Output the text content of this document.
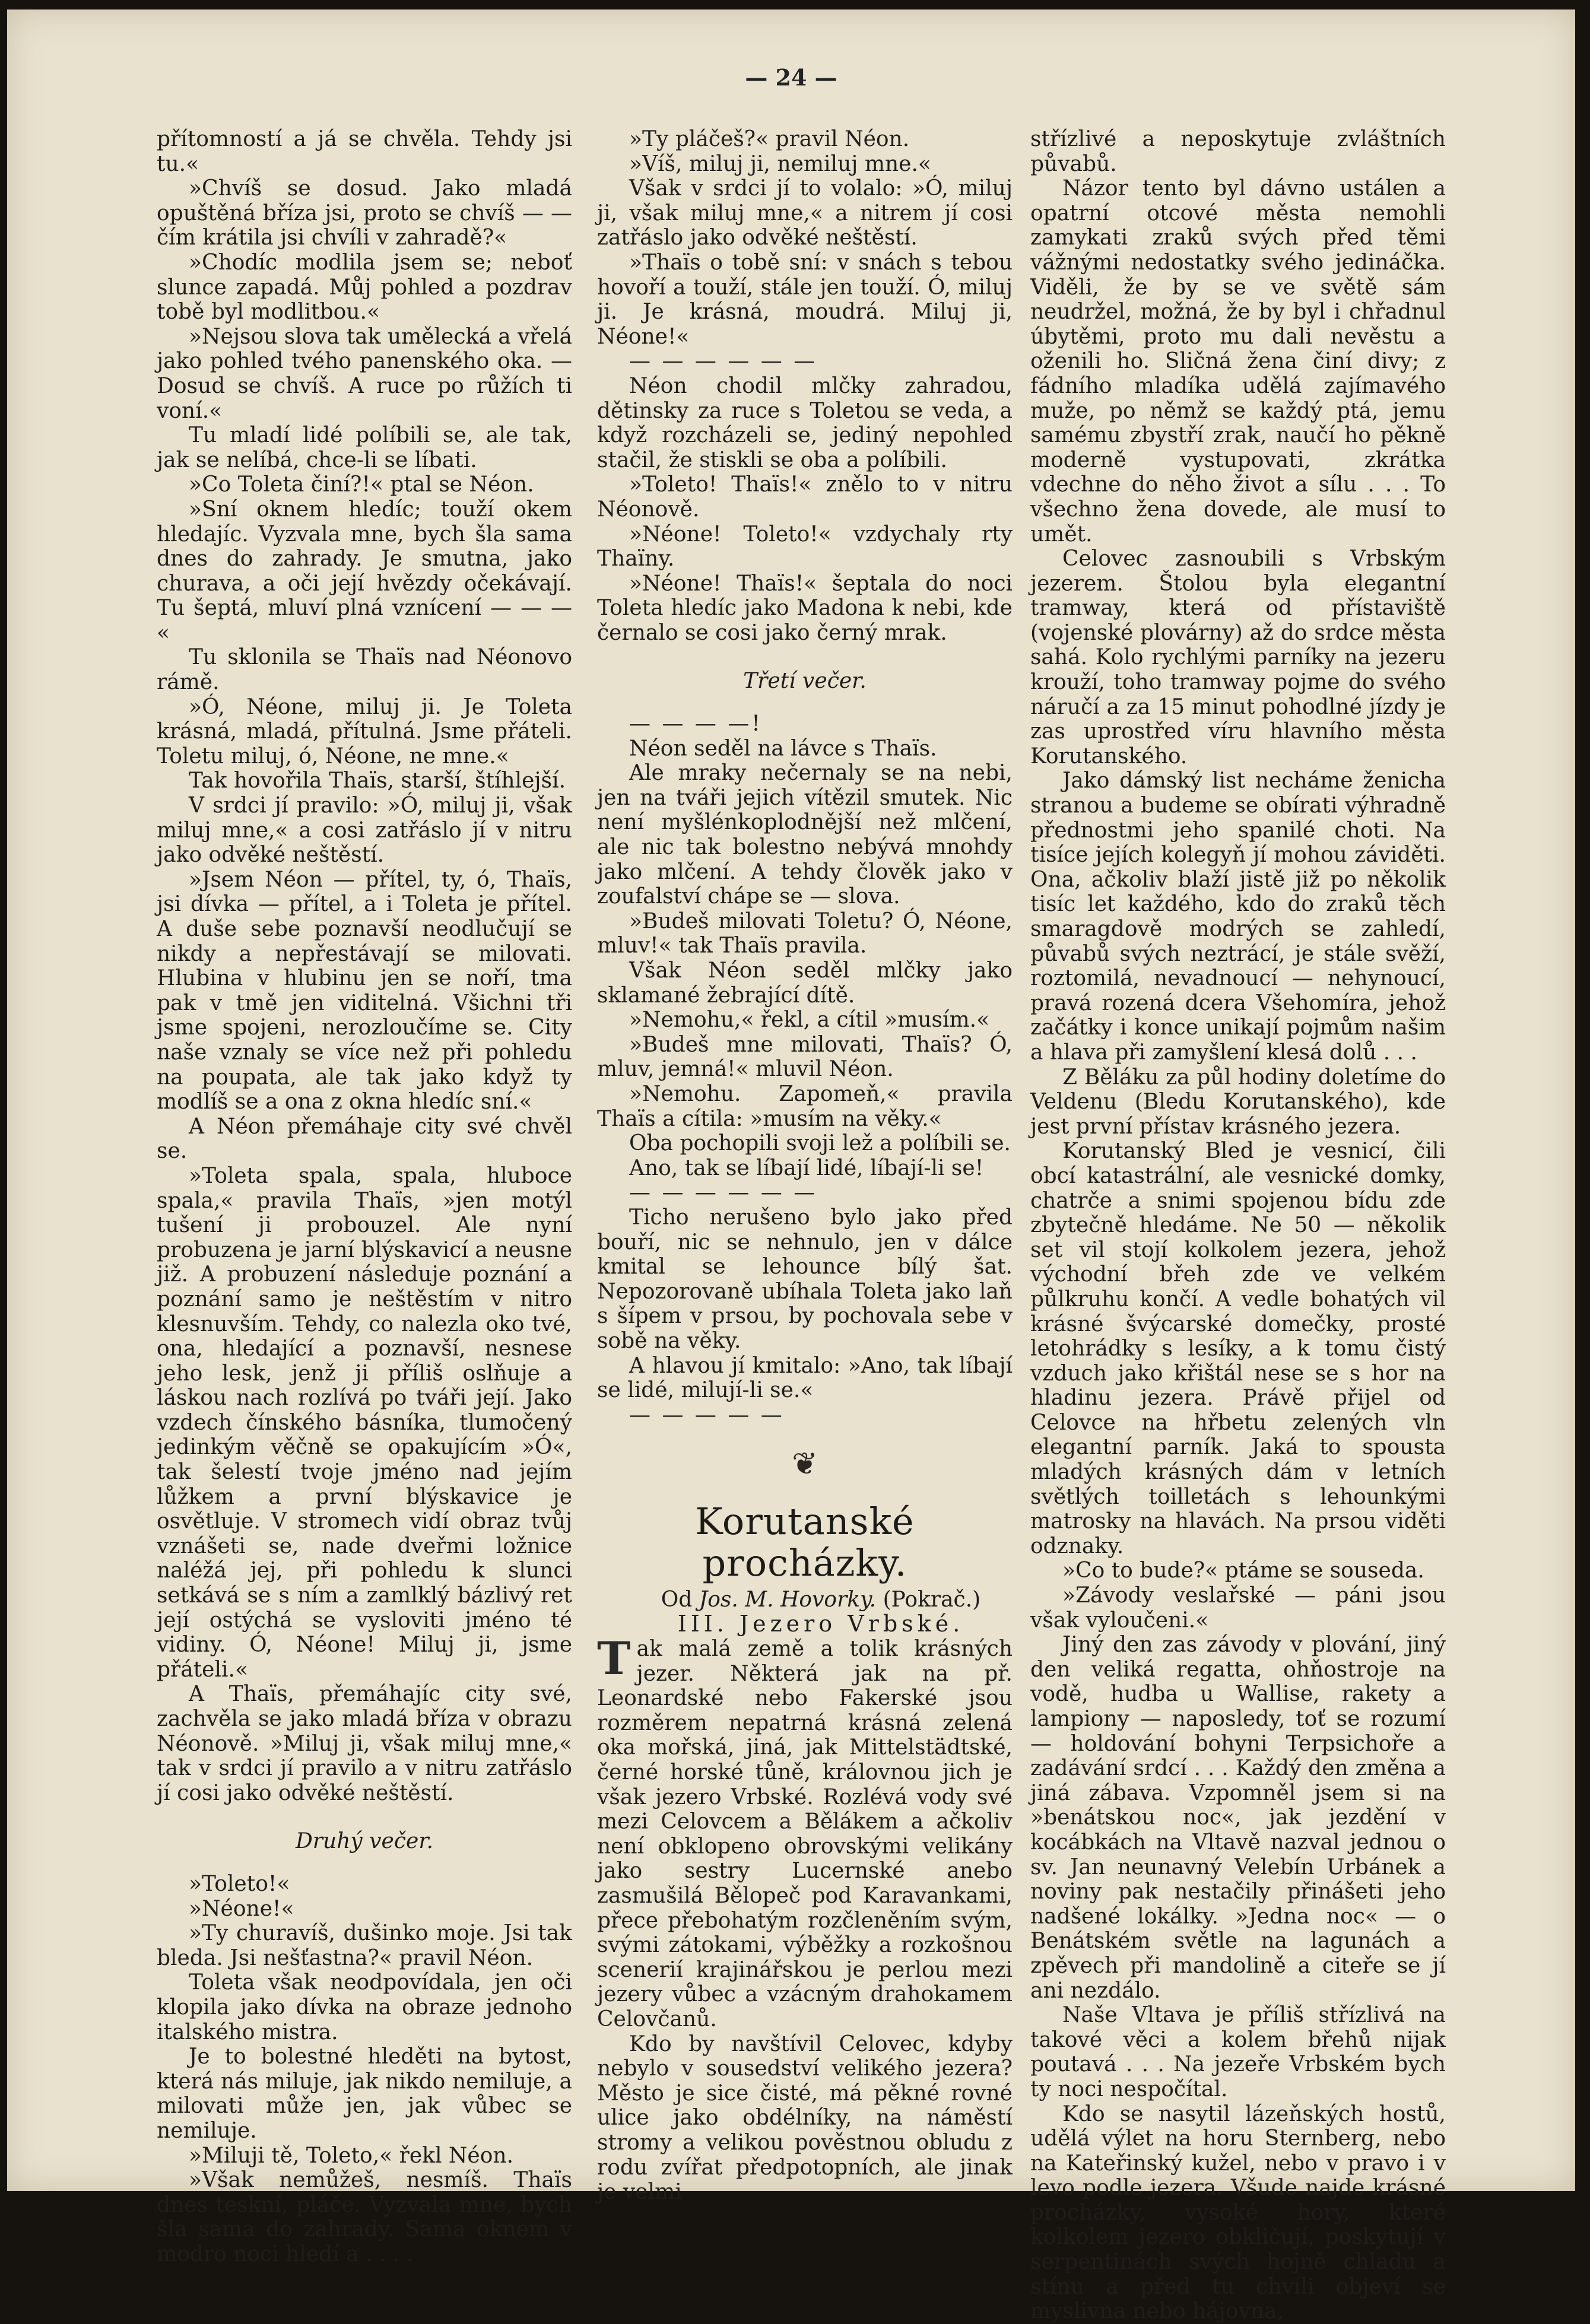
— 24 —

přítomností a já se chvěla. Tehdy jsi tu.«

»Chvíš se dosud. Jako mladá opuštěná bříza jsi, proto se chvíš — — čím krátila jsi chvíli v zahradě?«

»Chodíc modlila jsem se; neboť slunce zapadá. Můj pohled a pozdrav tobě byl modlitbou.«

»Nejsou slova tak umělecká a vřelá jako pohled tvého panenského oka. — Dosud se chvíš. A ruce po růžích ti voní.«

Tu mladí lidé políbili se, ale tak, jak se nelíbá, chce-li se líbati.

»Co Toleta činí?!« ptal se Néon.

»Sní oknem hledíc; touží okem hledajíc. Vyzvala mne, bych šla sama dnes do zahrady. Je smutna, jako churava, a oči její hvězdy očekávají. Tu šeptá, mluví plná vznícení — — — «

Tu sklonila se Thaïs nad Néonovo rámě.

»Ó, Néone, miluj ji. Je Toleta krásná, mladá, přítulná. Jsme přáteli. Toletu miluj, ó, Néone, ne mne.«

Tak hovořila Thaïs, starší, štíhlejší.

V srdci jí pravilo: »Ó, miluj ji, však miluj mne,« a cosi zatřáslo jí v nitru jako odvěké neštěstí.

»Jsem Néon — přítel, ty, ó, Thaïs, jsi dívka — přítel, a i Toleta je přítel. A duše sebe poznavší neodlučují se nikdy a nepřestávají se milovati. Hlubina v hlubinu jen se noří, tma pak v tmě jen viditelná. Všichni tři jsme spojeni, nerozloučíme se. City naše vznaly se více než při pohledu na poupata, ale tak jako když ty modlíš se a ona z okna hledíc sní.«

A Néon přemáhaje city své chvěl se.

»Toleta spala, spala, hluboce spala,« pravila Thaïs, »jen motýl tušení ji probouzel. Ale nyní probuzena je jarní blýskavicí a neusne již. A probuzení následuje poznání a poznání samo je neštěstím v nitro klesnuvším. Tehdy, co nalezla oko tvé, ona, hledající a poznavší, nesnese jeho lesk, jenž ji příliš oslňuje a láskou nach rozlívá po tváři její. Jako vzdech čínského básníka, tlumočený jedinkým věčně se opakujícím »Ó«, tak šelestí tvoje jméno nad jejím lůžkem a první blýskavice je osvětluje. V stromech vidí obraz tvůj vznášeti se, nade dveřmi ložnice naléžá jej, při pohledu k slunci setkává se s ním a zamlklý bázlivý ret její ostýchá se vysloviti jméno té vidiny. Ó, Néone! Miluj ji, jsme přáteli.«

A Thaïs, přemáhajíc city své, zachvěla se jako mladá bříza v obrazu Néonově. »Miluj ji, však miluj mne,« tak v srdci jí pravilo a v nitru zatřáslo jí cosi jako odvěké neštěstí.

Druhý večer.

»Toleto!«

»Néone!«

»Ty churavíš, dušinko moje. Jsi tak bleda. Jsi nešťastna?« pravil Néon.

Toleta však neodpovídala, jen oči klopila jako dívka na obraze jednoho italského mistra.

Je to bolestné hleděti na bytost, která nás miluje, jak nikdo nemiluje, a milovati může jen, jak vůbec se nemiluje.

»Miluji tě, Toleto,« řekl Néon.

»Však nemůžeš, nesmíš. Thaïs dnes teskní, pláče. Vyzvala mne, bych šla sama do zahrady. Sama oknem v modro noci hledí a . . . .

»Ty pláčeš?« pravil Néon.

»Víš, miluj ji, nemiluj mne.«

Však v srdci jí to volalo: »Ó, miluj ji, však miluj mne,« a nitrem jí cosi zatřáslo jako odvěké neštěstí.

»Thaïs o tobě sní: v snách s tebou hovoří a touží, stále jen touží. Ó, miluj ji. Je krásná, moudrá. Miluj ji, Néone!«

— — — — — —

Néon chodil mlčky zahradou, dětinsky za ruce s Toletou se veda, a když rozcházeli se, jediný nepohled stačil, že stiskli se oba a políbili.

»Toleto! Thaïs!« znělo to v nitru Néonově.

»Néone! Toleto!« vzdychaly rty Thaïny.

»Néone! Thaïs!« šeptala do noci Toleta hledíc jako Madona k nebi, kde černalo se cosi jako černý mrak.

Třetí večer.

— — — —!

Néon seděl na lávce s Thaïs.

Ale mraky nečernaly se na nebi, jen na tváři jejich vítězil smutek. Nic není myšlénkoplodnější než mlčení, ale nic tak bolestno nebývá mnohdy jako mlčení. A tehdy člověk jako v zoufalství chápe se — slova.

»Budeš milovati Toletu? Ó, Néone, mluv!« tak Thaïs pravila.

Však Néon seděl mlčky jako sklamané žebrající dítě.

»Nemohu,« řekl, a cítil »musím.«

»Budeš mne milovati, Thaïs? Ó, mluv, jemná!« mluvil Néon.

»Nemohu. Zapomeň,« pravila Thaïs a cítila: »musím na věky.«

Oba pochopili svoji lež a políbili se.

Ano, tak se líbají lidé, líbají-li se!

— — — — — —

Ticho nerušeno bylo jako před bouří, nic se nehnulo, jen v dálce kmital se lehounce bílý šat. Nepozorovaně ubíhala Toleta jako laň s šípem v prsou, by pochovala sebe v sobě na věky.

A hlavou jí kmitalo: »Ano, tak líbají se lidé, milují-li se.«

— — — — —

❦
Korutanské procházky.

Od Jos. M. Hovorky. (Pokrač.)

III. Jezero Vrbské.

Tak malá země a tolik krásných jezer. Některá jak na př. Leonardské nebo Fakerské jsou rozměrem nepatrná krásná zelená oka mořská, jiná, jak Mittelstädtské, černé horské tůně, královnou jich je však jezero Vrbské. Rozlévá vody své mezi Celovcem a Bělákem a ačkoliv není obklopeno obrovskými velikány jako sestry Lucernské anebo zasmušilá Bělopeč pod Karavankami, přece přebohatým rozčleněním svým, svými zátokami, výběžky a rozkošnou scenerií krajinářskou je perlou mezi jezery vůbec a vzácným drahokamem Celovčanů.

Kdo by navštívil Celovec, kdyby nebylo v sousedství velikého jezera? Město je sice čisté, má pěkné rovné ulice jako obdélníky, na náměstí stromy a velikou pověstnou obludu z rodu zvířat předpotopních, ale jinak je velmi

střízlivé a neposkytuje zvláštních půvabů.

Názor tento byl dávno ustálen a opatrní otcové města nemohli zamykati zraků svých před těmi vážnými nedostatky svého jedináčka. Viděli, že by se ve světě sám neudržel, možná, že by byl i chřadnul úbytěmi, proto mu dali nevěstu a oženili ho. Sličná žena činí divy; z fádního mladíka udělá zajímavého muže, po němž se každý ptá, jemu samému zbystří zrak, naučí ho pěkně moderně vystupovati, zkrátka vdechne do něho život a sílu . . . To všechno žena dovede, ale musí to umět.

Celovec zasnoubili s Vrbským jezerem. Štolou byla elegantní tramway, která od přístaviště (vojenské plovárny) až do srdce města sahá. Kolo rychlými parníky na jezeru krouží, toho tramway pojme do svého náručí a za 15 minut pohodlné jízdy je zas uprostřed víru hlavního města Korutanského.

Jako dámský list necháme ženicha stranou a budeme se obírati výhradně přednostmi jeho spanilé choti. Na tisíce jejích kolegyň jí mohou záviděti. Ona, ačkoliv blaží jistě již po několik tisíc let každého, kdo do zraků těch smaragdově modrých se zahledí, půvabů svých neztrácí, je stále svěží, roztomilá, nevadnoucí — nehynoucí, pravá rozená dcera Všehomíra, jehož začátky i konce unikají pojmům našim a hlava při zamyšlení klesá dolů . . .

Z Běláku za půl hodiny doletíme do Veldenu (Bledu Korutanského), kde jest první přístav krásného jezera.

Korutanský Bled je vesnicí, čili obcí katastrální, ale vesnické domky, chatrče a snimi spojenou bídu zde zbytečně hledáme. Ne 50 — několik set vil stojí kolkolem jezera, jehož východní břeh zde ve velkém půlkruhu končí. A vedle bohatých vil krásné švýcarské domečky, prosté letohrádky s lesíky, a k tomu čistý vzduch jako křištál nese se s hor na hladinu jezera. Právě přijel od Celovce na hřbetu zelených vln elegantní parník. Jaká to spousta mladých krásných dám v letních světlých toilletách s lehounkými matrosky na hlavách. Na prsou viděti odznaky.

»Co to bude?« ptáme se souseda.

»Závody veslařské — páni jsou však vyloučeni.«

Jiný den zas závody v plování, jiný den veliká regatta, ohňostroje na vodě, hudba u Wallise, rakety a lampiony — naposledy, toť se rozumí — holdování bohyni Terpsichoře a zadávání srdcí . . . Každý den změna a jiná zábava. Vzpomněl jsem si na »benátskou noc«, jak jezdění v kocábkách na Vltavě nazval jednou o sv. Jan neunavný Velebín Urbánek a noviny pak nestačily přinášeti jeho nadšené lokálky. »Jedna noc« — o Benátském světle na lagunách a zpěvech při mandolině a citeře se jí ani nezdálo.

Naše Vltava je příliš střízlivá na takové věci a kolem břehů nijak poutavá . . . Na jezeře Vrbském bych ty noci nespočítal.

Kdo se nasytil lázeňských hostů, udělá výlet na horu Sternberg, nebo na Kateřinský kužel, nebo v pravo i v levo podle jezera. Všude najde krásné procházky, vysoké hory, které kolkolem jezero obkličují, poskytují v serpentinách svých hojně chladu a stínu a před tu chvíli objeví se myslivna nebo hájovna,
